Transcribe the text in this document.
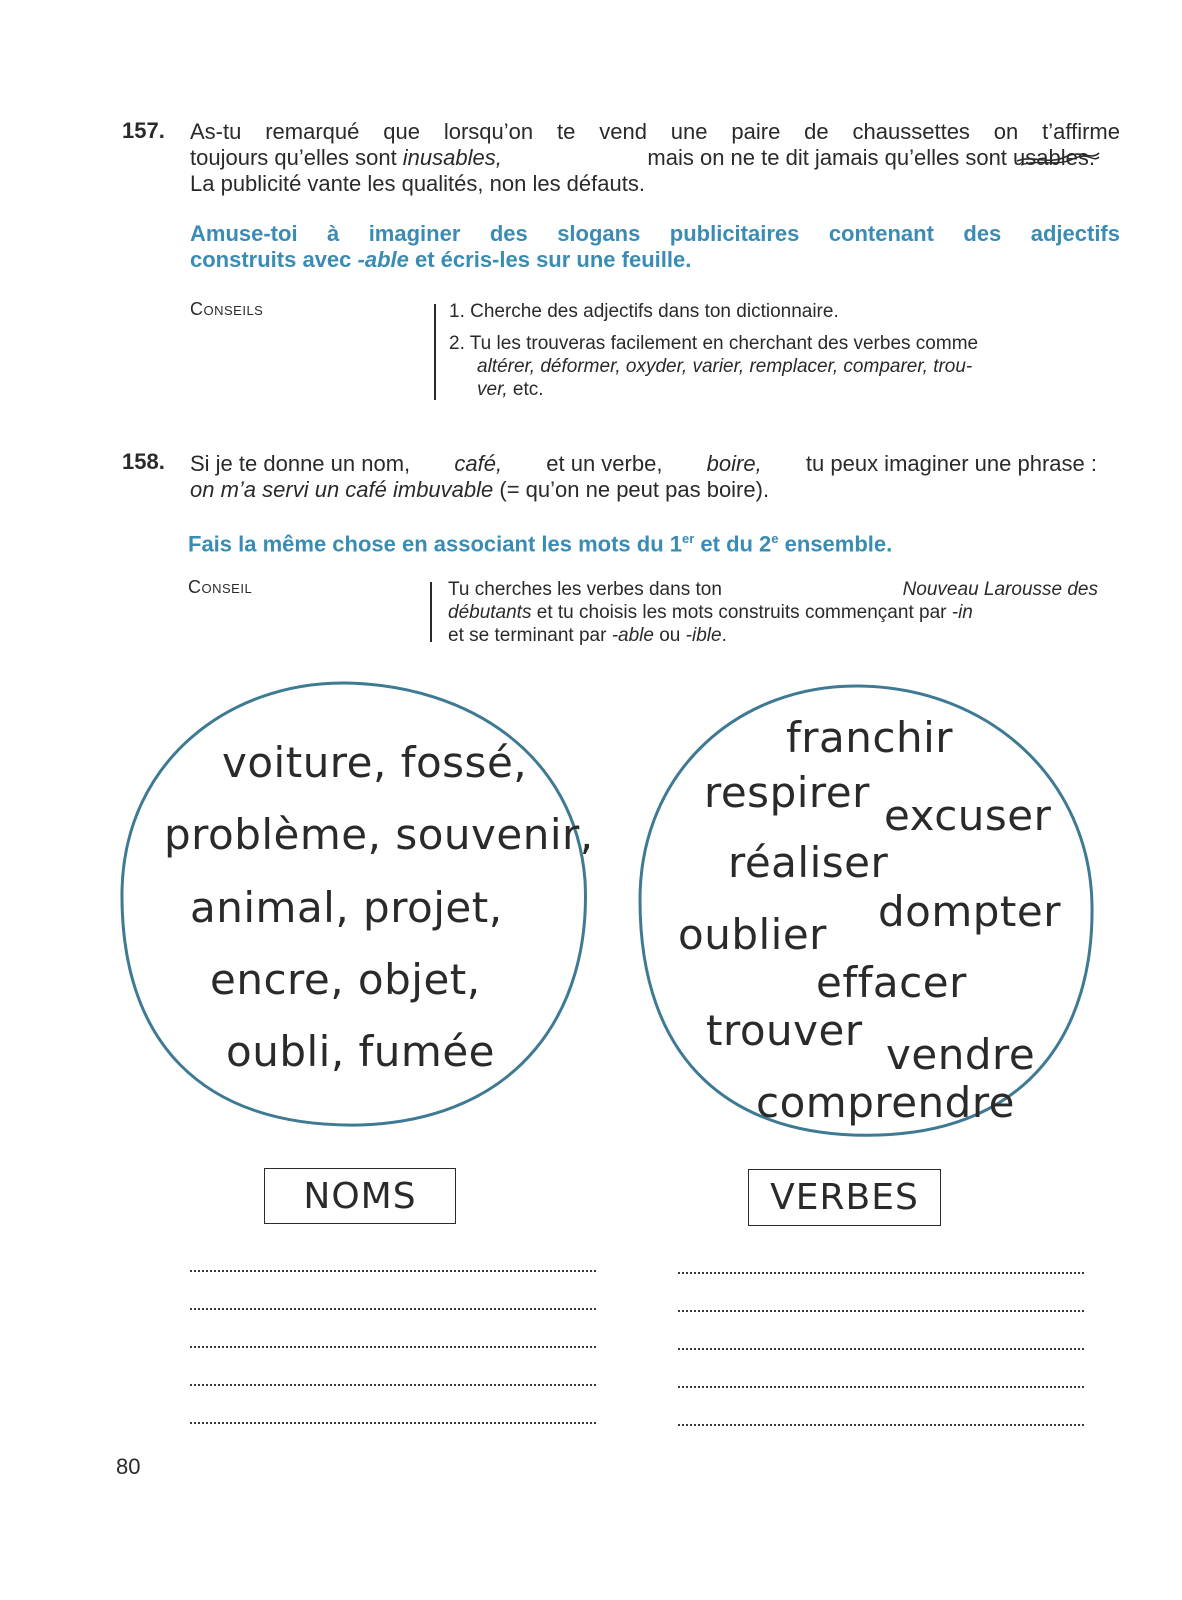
157. As-tu remarqué que lorsqu’on te vend une paire de chaussettes on t’affirme
toujours qu’elles sont inusables,	mais on ne te dit jamais qu’elles sont usables
.
La publicité vante les qualités, non les défauts.
Amuse-toi à imaginer des slogans publicitaires contenant des adjectifs
construits avec -able et écris-les sur une feuille.
Conseils	1. Cherche des adjectifs dans ton dictionnaire.
2. Tu les trouveras facilement en cherchant des verbes comme
altérer, déformer, oxyder, varier, remplacer, comparer, trou-
ver, etc.
158. Si je te donne un nom, café, et un verbe, boire, tu peux imaginer une phrase :
on m’a servi un café imbuvable (= qu’on ne peut pas boire).
Fais la même chose en associant les mots du 1er et du 2e ensemble.
Conseil	Tu cherches les verbes dans ton	Nouveau Larousse des
débutants et tu choisis les mots construits commençant par -in
et se terminant par -able ou -ible.
voiture, fossé,
problème, souvenir,
animal, projet,
encre, objet,
oubli, fumée
franchir
respirer excuser
réaliser
oublier dompter
effacer
trouver vendre
comprendre
NOMS	VERBES
80
